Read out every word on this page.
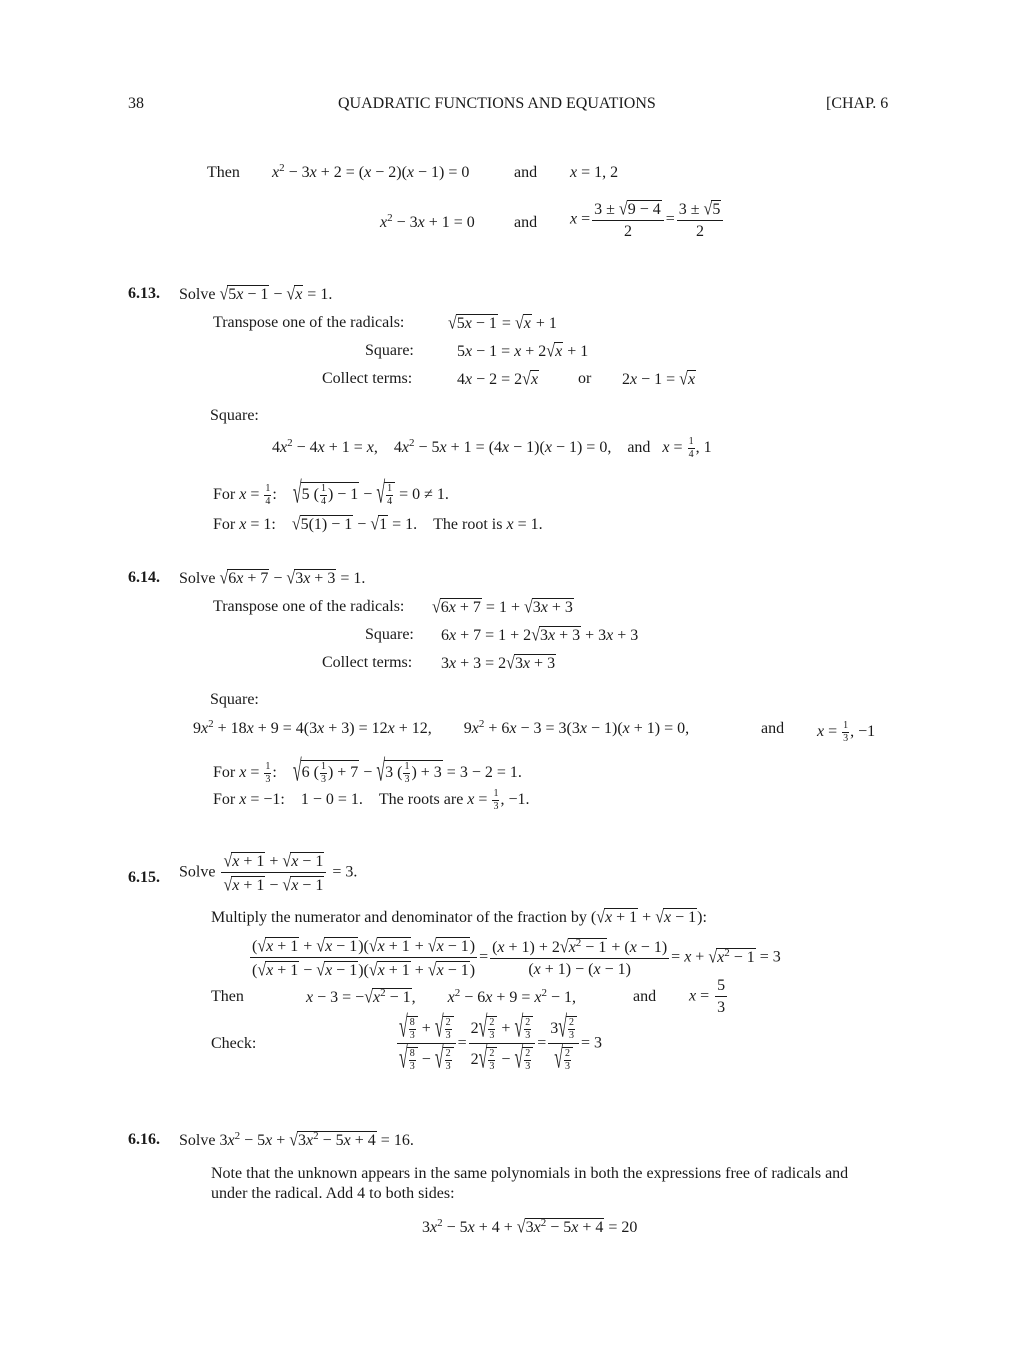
38	QUADRATIC FUNCTIONS AND EQUATIONS	[CHAP. 6
Then $x^2 - 3x + 2 = (x - 2)(x - 1) = 0$	and x = 1, 2
$x^2 - 3x + 1 = 0$ and $x = \frac{3 \pm √9 - 4}{2} = \frac{3 \pm √5}{2}$
6.13. Solve √5x − 1 − √x = 1.
Transpose one of the radicals:	√5x − 1 = √x + 1
Square:	5x − 1 = x + 2√x + 1
Collect terms:	4x − 2 = 2√x or 2x − 1 = √x
Square:
$4x^2 - 4x + 1 = x$,    $4x^2 - 5x + 1 = (4x - 1)(x - 1) = 0$,    and $x = \frac{1}{4}$ , 1
For $x = \frac{1}{4}$ :    √5 ( $\frac{1}{4}$ ) − 1 − √ $\frac{1}{4} = 0 \ne 1$.
For x = 1:    √5(1) − 1 − √1 = 1.    The root is x = 1.
6.14. Solve √6x + 7 − √3x + 3 = 1.
Transpose one of the radicals: √6x + 7 = 1 + √3x + 3
Square: 6x + 7 = 1 + 2√3x + 3 + 3x + 3
Collect terms: 3x + 3 = 2√3x + 3
Square:
$9x^2 + 18x + 9 = 4(3x + 3) = 12x + 12$,        $9x^2 + 6x - 3 = 3(3x - 1)(x + 1) = 0$,	and $x = \frac{1}{3}$ , −1
For $x = \frac{1}{3}$ :    √6 ( $\frac{1}{3}$ ) + 7 − √3 ( $\frac{1}{3}$ ) + 3 = 3 − 2 = 1.
For x = −1:    1 − 0 = 1.    The roots are $x = \frac{1}{3}$ , −1.
6.15. Solve $\frac{√x + 1 + √x - 1}{√x + 1 - √x - 1} = 3$.
Multiply the numerator and denominator of the fraction by (√x + 1 + √x − 1):
$\frac{(√x + 1 + √x - 1)(√x + 1 + √x - 1)}{(√x + 1 - √x - 1)(√x + 1 + √x - 1)} = \frac{(x + 1) + 2√x^2 - 1 + (x - 1)}{(x + 1) - (x - 1)} = x + √x^2 - 1 = 3$
Then	$x - 3 = -√x^2 - 1$,        $x^2 - 6x + 9 = x^2 - 1$,	and $x = \frac{5}{3}$
Check:	$\frac{√ \frac{8}{3} + √ \frac{2}{3}}{√ \frac{8}{3} - √ \frac{2}{3}} = \frac{2√ \frac{2}{3} + √ \frac{2}{3}}{2√ \frac{2}{3} - √ \frac{2}{3}} = \frac{3√ \frac{2}{3}}{√ \frac{2}{3}} = 3$
6.16. Solve $3x^2 - 5x + √3x^2 - 5x + 4 = 16$.
Note that the unknown appears in the same polynomials in both the expressions free of radicals and
under the radical. Add 4 to both sides:
$3x^2 - 5x + 4 + √3x^2 - 5x + 4 = 20$
